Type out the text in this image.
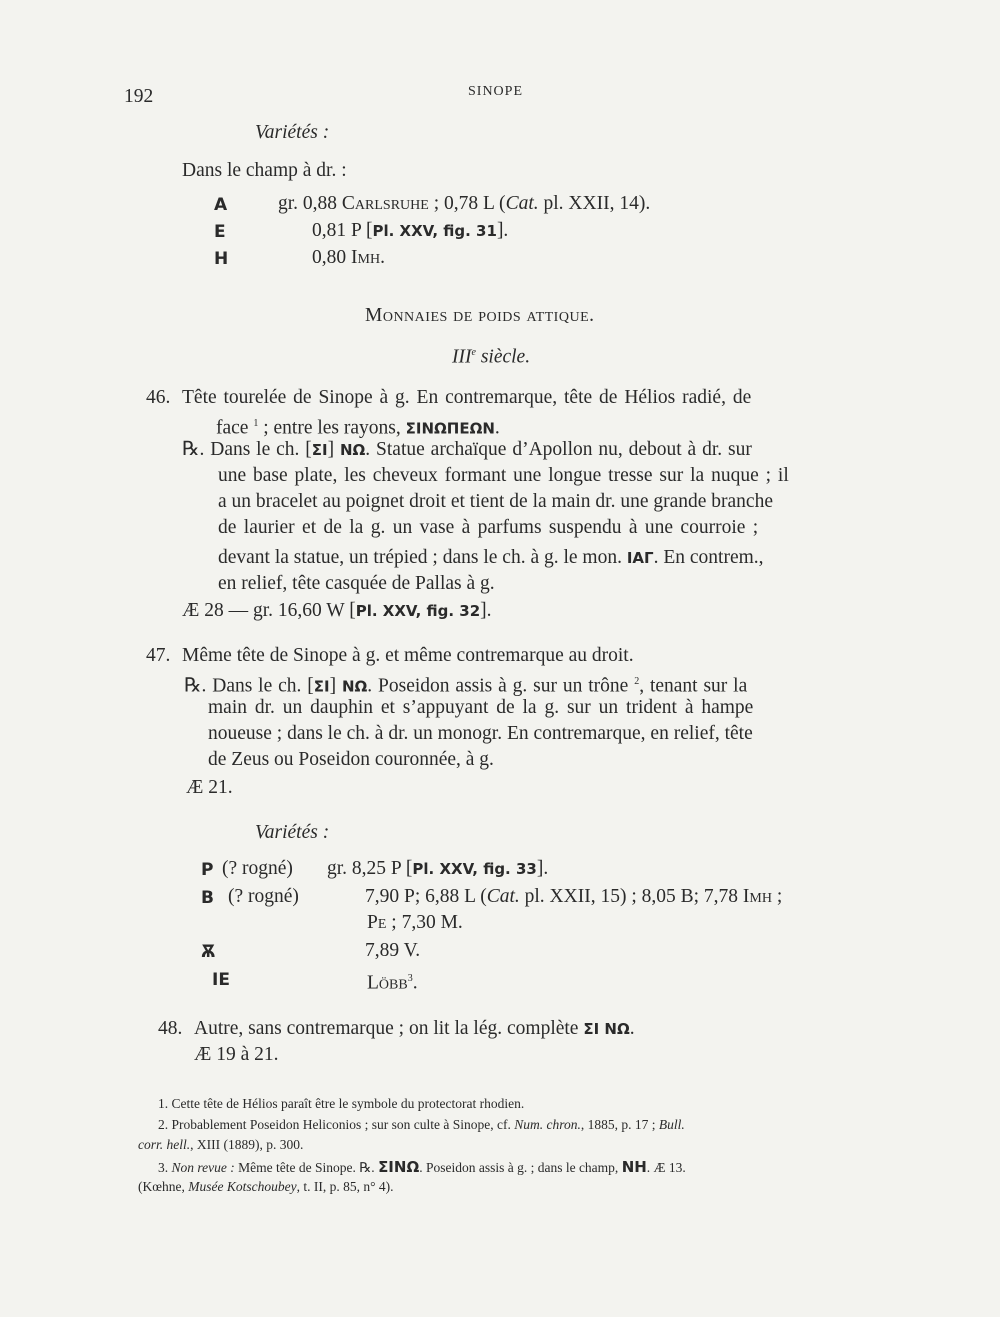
192	SINOPE
Variétés :
Dans le champ à dr. :
A	gr. 0,88 Carlsruhe ; 0,78 L (Cat. pl. XXII, 14).
E	0,81 P [Pl. XXV, fig. 31].
H	0,80 Imh.
Monnaies de poids attique.
IIIe siècle.
46. Tête tourelée de Sinope à g. En contremarque, tête de Hélios radié, de
face $^1$ ; entre les rayons, ΣΙΝΩΠΕΩΝ.
℞. Dans le ch. [ΣΙ] ΝΩ. Statue archaïque d’Apollon nu, debout à dr. sur
une base plate, les cheveux formant une longue tresse sur la nuque ; il
a un bracelet au poignet droit et tient de la main dr. une grande branche
de laurier et de la g. un vase à parfums suspendu à une courroie ;
devant la statue, un trépied ; dans le ch. à g. le mon. ΙΑΓ. En contrem.,
en relief, tête casquée de Pallas à g.
Æ 28 — gr. 16,60 W [Pl. XXV, fig. 32].
47. Même tête de Sinope à g. et même contremarque au droit.
℞. Dans le ch. [ΣΙ] ΝΩ. Poseidon assis à g. sur un trône $^2$, tenant sur la
main dr. un dauphin et s’appuyant de la g. sur un trident à hampe
noueuse ; dans le ch. à dr. un monogr. En contremarque, en relief, tête
de Zeus ou Poseidon couronnée, à g.
Æ 21.
Variétés :
P (? rogné) gr. 8,25 P [Pl. XXV, fig. 33].
B (? rogné)	7,90 P; 6,88 L (Cat. pl. XXII, 15) ; 8,05 B; 7,78 Imh ;
Pe ; 7,30 M.
Ѫ	7,89 V.
ΙΕ	Löbb$^3$.
48. Autre, sans contremarque ; on lit la lég. complète ΣΙ ΝΩ.
Æ 19 à 21.
1. Cette tête de Hélios paraît être le symbole du protectorat rhodien.
2. Probablement Poseidon Heliconios ; sur son culte à Sinope, cf. Num. chron., 1885, p. 17 ; Bull.
corr. hell., XIII (1889), p. 300.
3. Non revue : Même tête de Sinope. ℞. ΣΙΝΩ. Poseidon assis à g. ; dans le champ, ΝΗ. Æ 13.
(Kœhne, Musée Kotschoubey, t. II, p. 85, n° 4).
